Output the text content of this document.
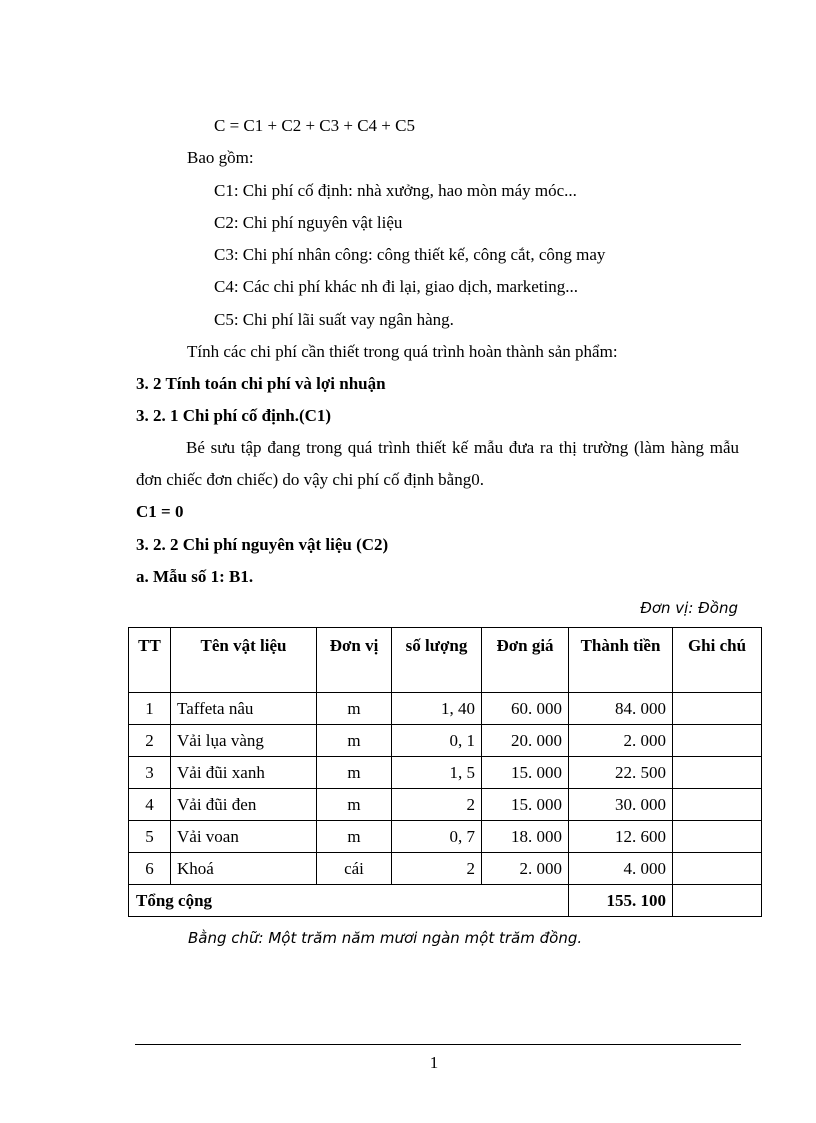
C = C1 + C2 + C3 + C4 + C5
Bao gồm:
C1: Chi phí cố định: nhà xưởng, hao mòn máy móc...
C2: Chi phí nguyên vật liệu
C3: Chi phí nhân công: công thiết kế, công cắt, công may
C4: Các chi phí khác nh đi lại, giao dịch, marketing...
C5: Chi phí lãi suất vay ngân hàng.
Tính các chi phí cần thiết trong quá trình hoàn thành sản phẩm:
3. 2 Tính toán chi phí và lợi nhuận
3. 2. 1 Chi phí cố định.(C1)
Bé sưu tập đang trong quá trình thiết kế mẫu đưa ra thị trường (làm hàng mẫu đơn chiếc đơn chiếc) do vậy chi phí cố định bằng0.
C1 = 0
3. 2. 2 Chi phí nguyên vật liệu (C2)
a. Mẫu số 1: B1.
Đơn vị: Đồng
TT	Tên vật liệu	Đơn vị	số lượng	Đơn giá	Thành tiền	Ghi chú
1	Taffeta nâu	m	1, 40	60. 000	84. 000	
2	Vải lụa vàng	m	0, 1	20. 000	2. 000	
3	Vải đũi xanh	m	1, 5	15. 000	22. 500	
4	Vải đũi đen	m	2	15. 000	30. 000	
5	Vải voan	m	0, 7	18. 000	12. 600	
6	Khoá	cái	2	2. 000	4. 000	
Tổng cộng					155. 100	
Bằng chữ: Một trăm năm mươi ngàn một trăm đồng.
1
